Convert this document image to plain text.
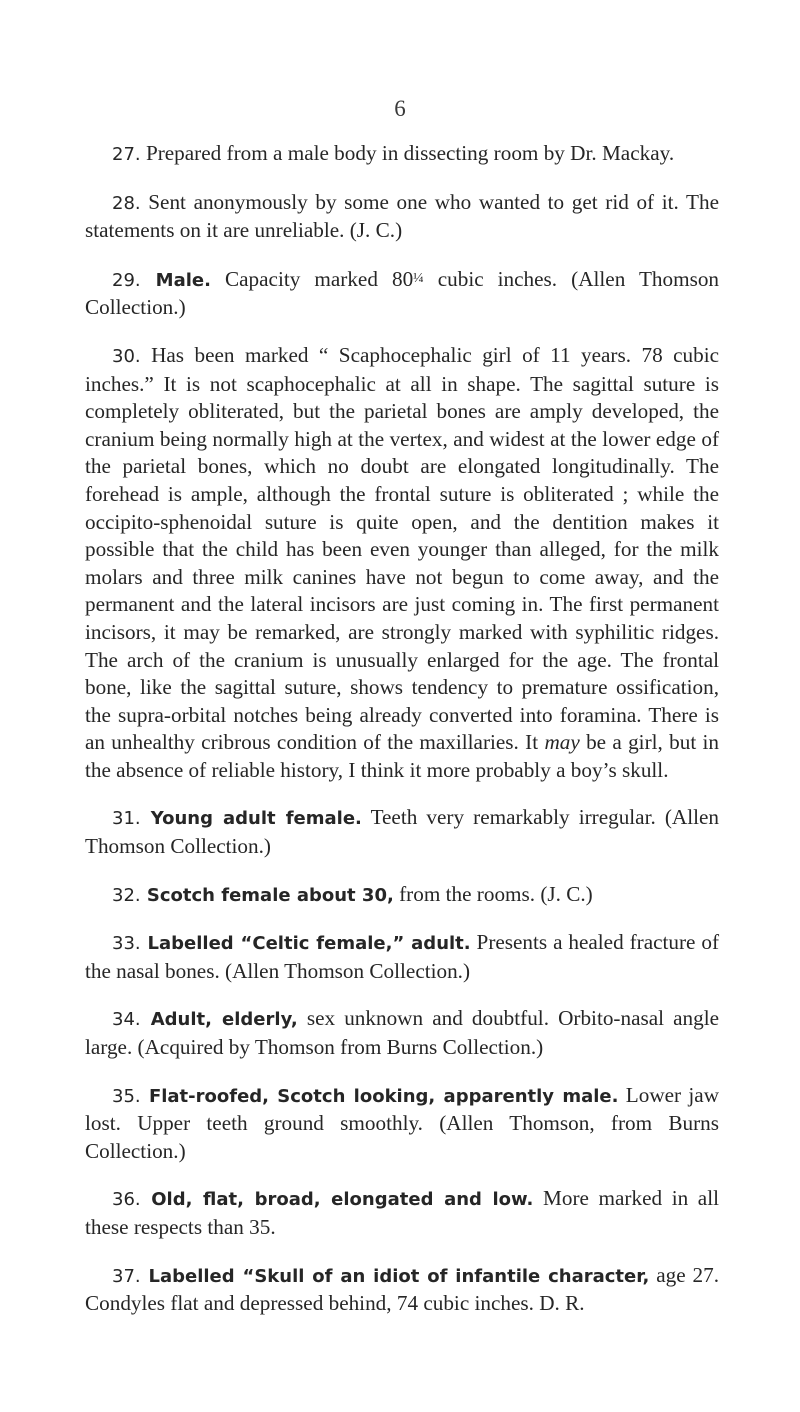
6

27. Prepared from a male body in dissecting room by Dr. Mackay.

28. Sent anonymously by some one who wanted to get rid of it. The statements on it are unreliable. (J. C.)

29. Male. Capacity marked 80¼ cubic inches. (Allen Thomson Collection.)

30. Has been marked “ Scaphocephalic girl of 11 years. 78 cubic inches.” It is not scaphocephalic at all in shape. The sagittal suture is completely obliterated, but the parietal bones are amply developed, the cranium being normally high at the vertex, and widest at the lower edge of the parietal bones, which no doubt are elongated longitudinally. The forehead is ample, although the frontal suture is obliterated ; while the occipito-sphenoidal suture is quite open, and the dentition makes it possible that the child has been even younger than alleged, for the milk molars and three milk canines have not begun to come away, and the permanent and the lateral incisors are just coming in. The first permanent incisors, it may be remarked, are strongly marked with syphilitic ridges. The arch of the cranium is unusually enlarged for the age. The frontal bone, like the sagittal suture, shows tendency to premature ossification, the supra-orbital notches being already converted into foramina. There is an unhealthy cribrous condition of the maxillaries. It may be a girl, but in the absence of reliable history, I think it more probably a boy’s skull.

31. Young adult female. Teeth very remarkably irregular. (Allen Thomson Collection.)

32. Scotch female about 30, from the rooms. (J. C.)

33. Labelled “Celtic female,” adult. Presents a healed fracture of the nasal bones. (Allen Thomson Collection.)

34. Adult, elderly, sex unknown and doubtful. Orbito-nasal angle large. (Acquired by Thomson from Burns Collection.)

35. Flat-roofed, Scotch looking, apparently male. Lower jaw lost. Upper teeth ground smoothly. (Allen Thomson, from Burns Collection.)

36. Old, flat, broad, elongated and low. More marked in all these respects than 35.

37. Labelled “Skull of an idiot of infantile character, age 27. Condyles flat and depressed behind, 74 cubic inches. D. R.
